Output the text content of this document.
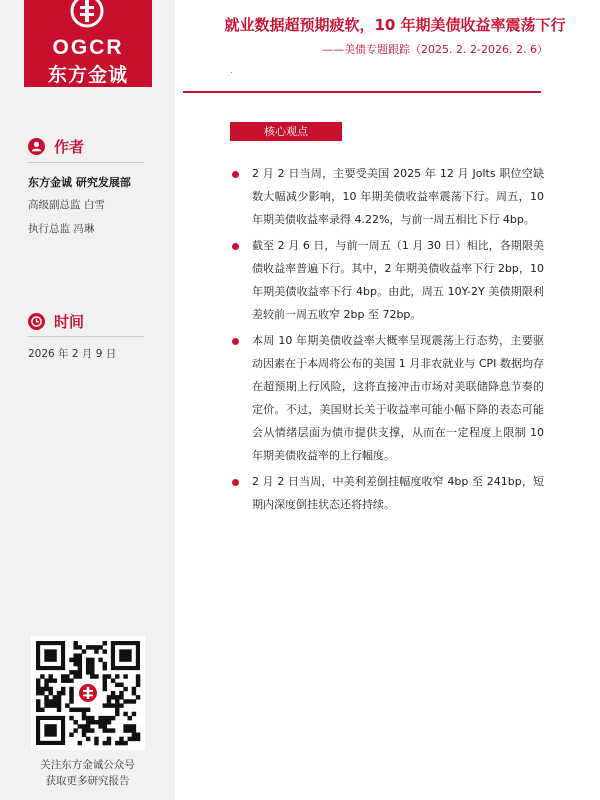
OGCR
东方金诚
作者
东方金诚 研究发展部
高级副总监 白雪
执行总监 冯琳
时间
2026 年 2 月 9 日
关注东方金诚公众号
获取更多研究报告
就业数据超预期疲软，10 年期美债收益率震荡下行
——美债专题跟踪（2025. 2. 2-2026. 2. 6）
.
核心观点
2 月 2 日当周，主要受美国 2025 年 12 月 Jolts 职位空缺数大幅减少影响，10 年期美债收益率震荡下行。周五，10 年期美债收益率录得 4.22%，与前一周五相比下行 4bp。
截至 2 月 6 日，与前一周五（1 月 30 日）相比，各期限美债收益率普遍下行。其中，2 年期美债收益率下行 2bp，10 年期美债收益率下行 4bp。由此，周五 10Y-2Y 美债期限利差较前一周五收窄 2bp 至 72bp。
本周 10 年期美债收益率大概率呈现震荡上行态势，主要驱动因素在于本周将公布的美国 1 月非农就业与 CPI 数据均存在超预期上行风险，这将直接冲击市场对美联储降息节奏的定价。不过，美国财长关于收益率可能小幅下降的表态可能会从情绪层面为债市提供支撑，从而在一定程度上限制 10 年期美债收益率的上行幅度。
2 月 2 日当周，中美利差倒挂幅度收窄 4bp 至 241bp，短期内深度倒挂状态还将持续。
